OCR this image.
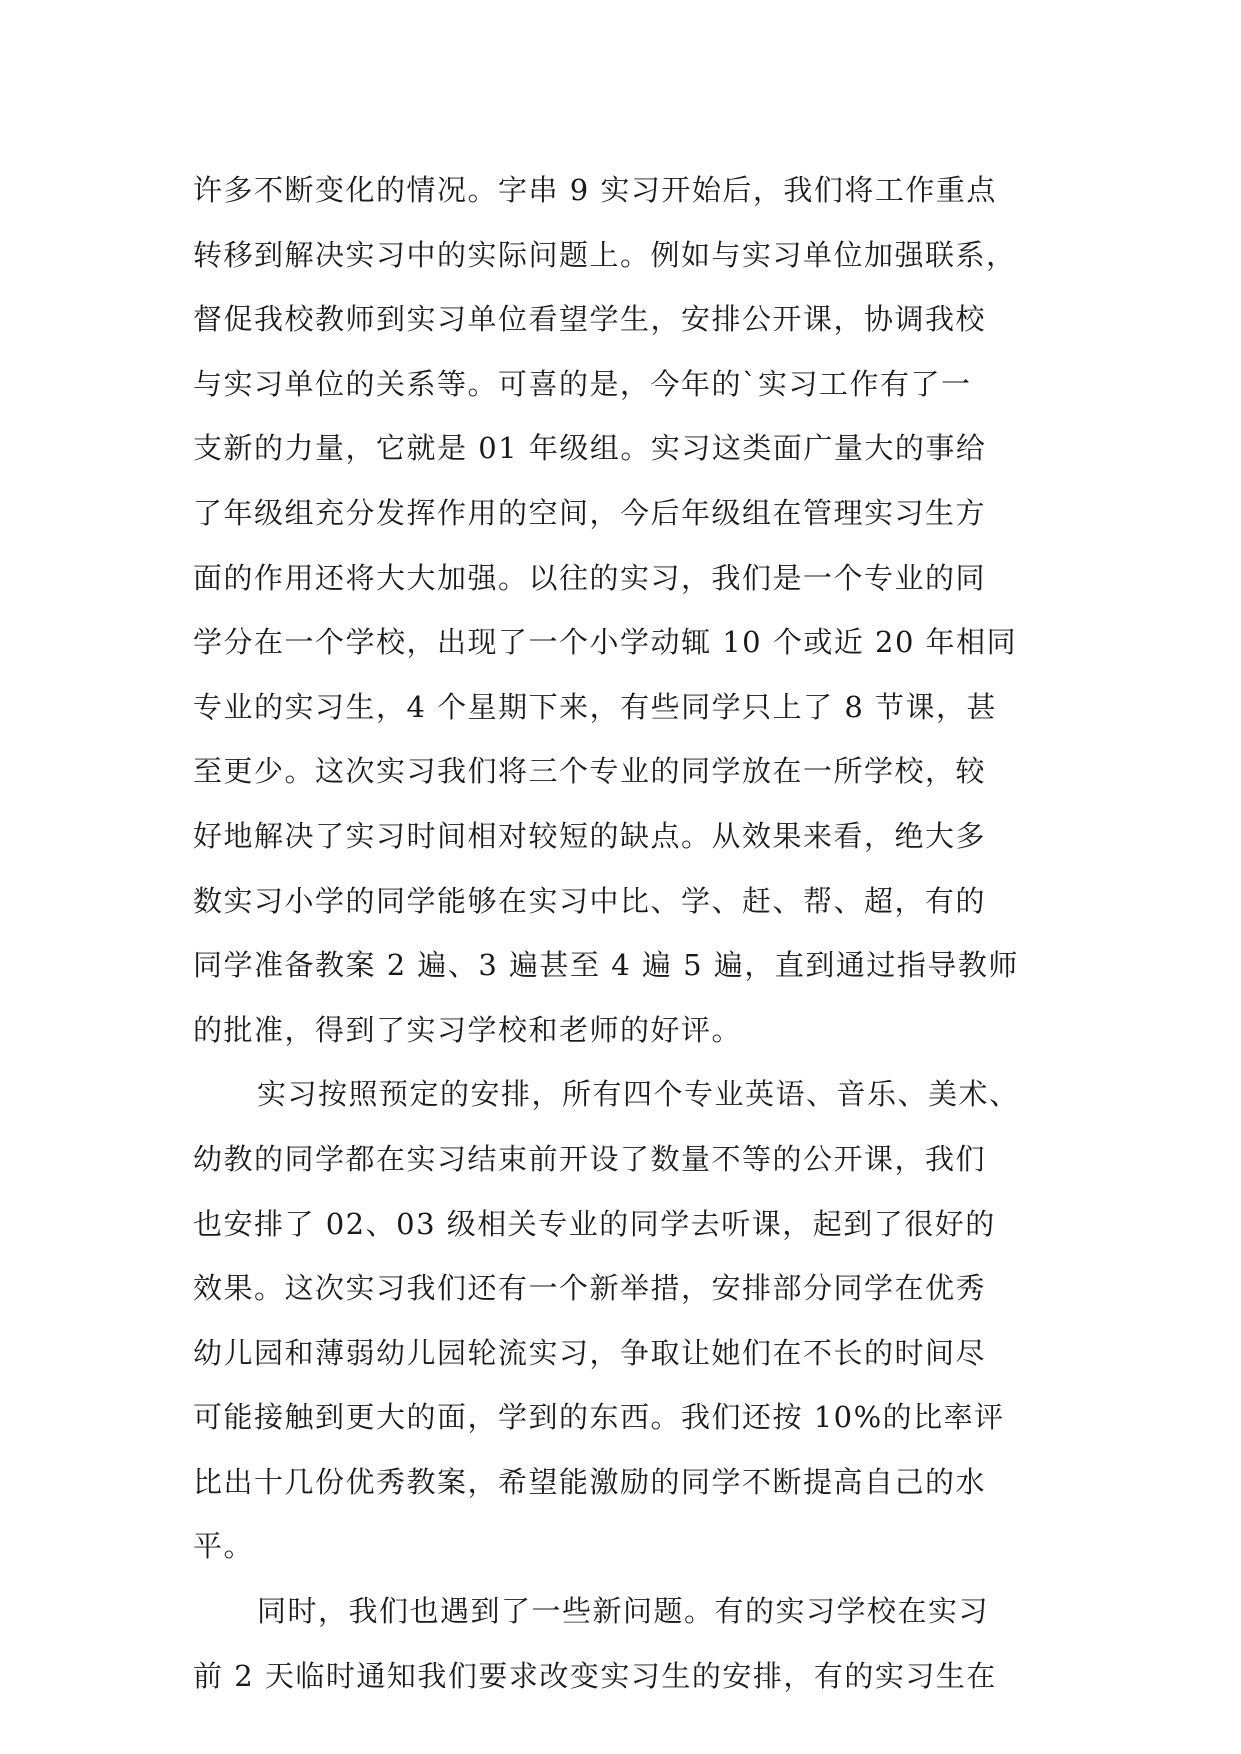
许多不断变化的情况。字串 9 实习开始后，我们将工作重点
转移到解决实习中的实际问题上。例如与实习单位加强联系，
督促我校教师到实习单位看望学生，安排公开课，协调我校
与实习单位的关系等。可喜的是，今年的`实习工作有了一
支新的力量，它就是 01 年级组。实习这类面广量大的事给
了年级组充分发挥作用的空间，今后年级组在管理实习生方
面的作用还将大大加强。以往的实习，我们是一个专业的同
学分在一个学校，出现了一个小学动辄 10 个或近 20 年相同
专业的实习生，4 个星期下来，有些同学只上了 8 节课，甚
至更少。这次实习我们将三个专业的同学放在一所学校，较
好地解决了实习时间相对较短的缺点。从效果来看，绝大多
数实习小学的同学能够在实习中比、学、赶、帮、超，有的
同学准备教案 2 遍、3 遍甚至 4 遍 5 遍，直到通过指导教师
的批准，得到了实习学校和老师的好评。
实习按照预定的安排，所有四个专业英语、音乐、美术、
幼教的同学都在实习结束前开设了数量不等的公开课，我们
也安排了 02、03 级相关专业的同学去听课，起到了很好的
效果。这次实习我们还有一个新举措，安排部分同学在优秀
幼儿园和薄弱幼儿园轮流实习，争取让她们在不长的时间尽
可能接触到更大的面，学到的东西。我们还按 10%的比率评
比出十几份优秀教案，希望能激励的同学不断提高自己的水
平。
同时，我们也遇到了一些新问题。有的实习学校在实习
前 2 天临时通知我们要求改变实习生的安排，有的实习生在
